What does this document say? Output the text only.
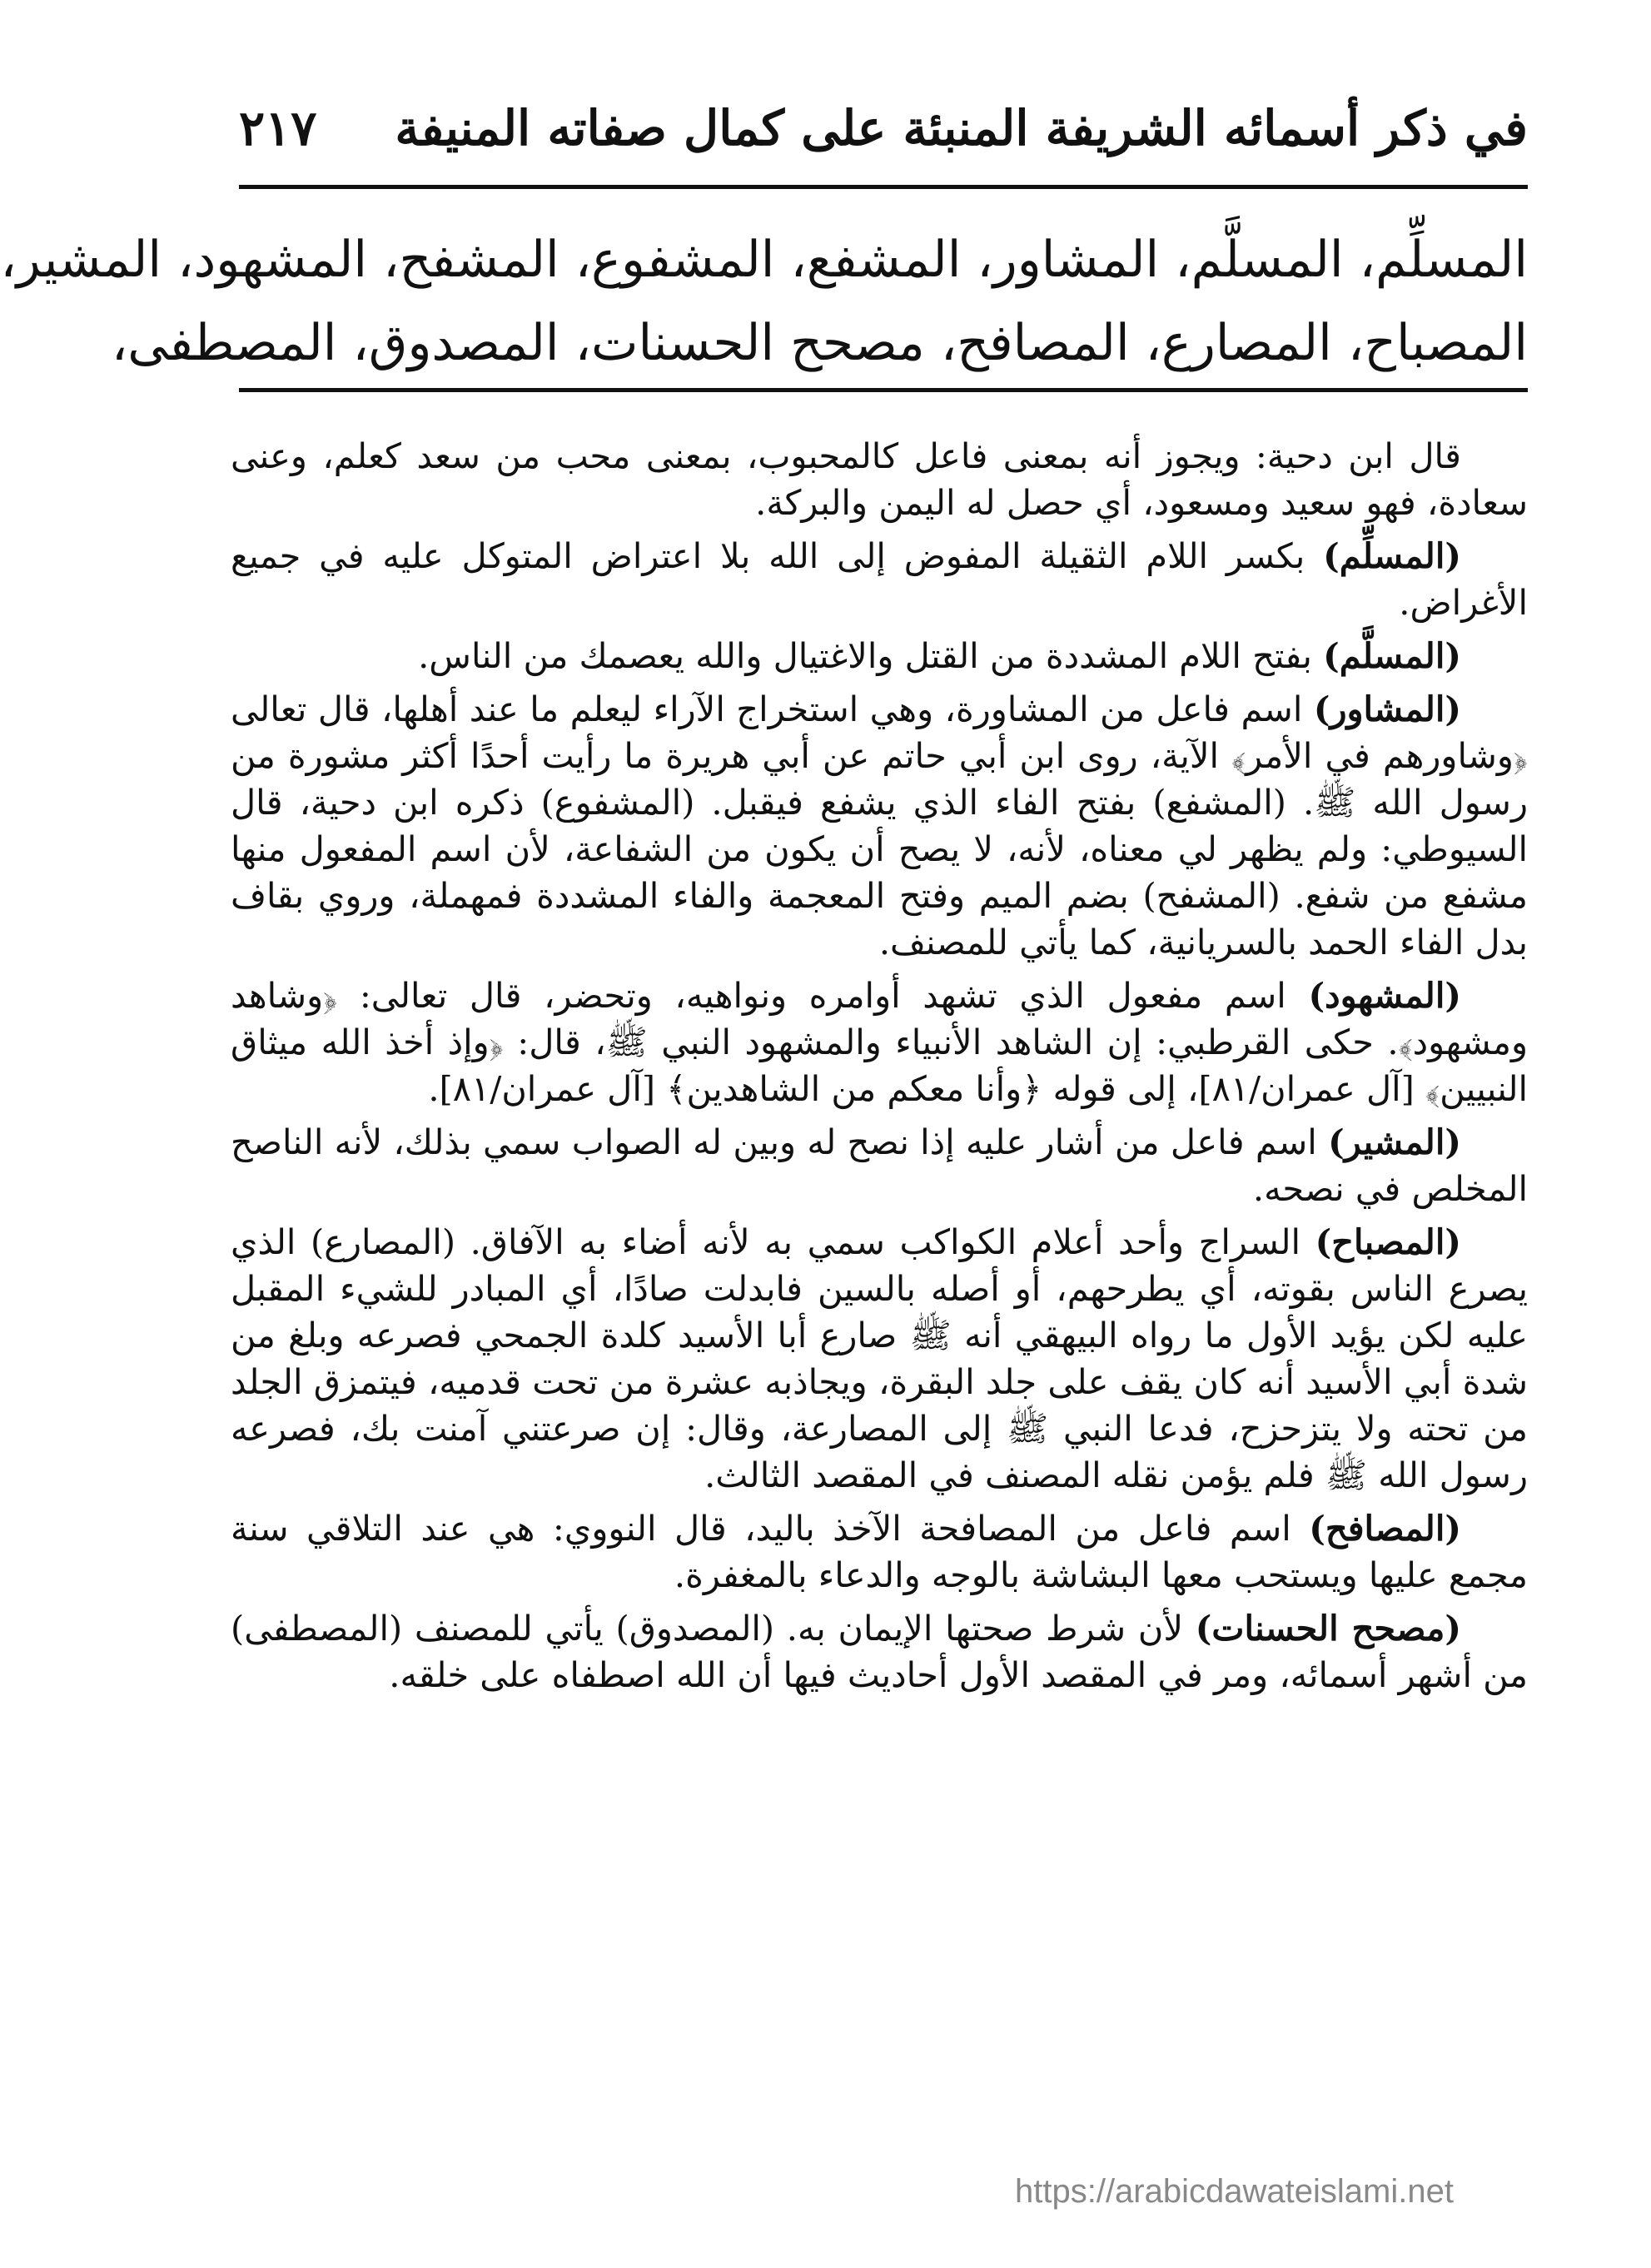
في ذكر أسمائه الشريفة المنبئة على كمال صفاته المنيفة
٢١٧
المسلِّم، المسلَّم، المشاور، المشفع، المشفوع، المشفح، المشهود، المشير،
المصباح، المصارع، المصافح، مصحح الحسنات، المصدوق، المصطفى،

قال ابن دحية: ويجوز أنه بمعنى فاعل كالمحبوب، بمعنى محب من سعد كعلم، وعنى سعادة، فهو سعيد ومسعود، أي حصل له اليمن والبركة.

(المسلِّم) بكسر اللام الثقيلة المفوض إلى الله بلا اعتراض المتوكل عليه في جميع الأغراض.

(المسلَّم) بفتح اللام المشددة من القتل والاغتيال والله يعصمك من الناس.

(المشاور) اسم فاعل من المشاورة، وهي استخراج الآراء ليعلم ما عند أهلها، قال تعالى ﴿وشاورهم في الأمر﴾ الآية، روى ابن أبي حاتم عن أبي هريرة ما رأيت أحدًا أكثر مشورة من رسول الله ﷺ. (المشفع) بفتح الفاء الذي يشفع فيقبل. (المشفوع) ذكره ابن دحية، قال السيوطي: ولم يظهر لي معناه، لأنه، لا يصح أن يكون من الشفاعة، لأن اسم المفعول منها مشفع من شفع. (المشفح) بضم الميم وفتح المعجمة والفاء المشددة فمهملة، وروي بقاف بدل الفاء الحمد بالسريانية، كما يأتي للمصنف.

(المشهود) اسم مفعول الذي تشهد أوامره ونواهيه، وتحضر، قال تعالى: ﴿وشاهد ومشهود﴾. حكى القرطبي: إن الشاهد الأنبياء والمشهود النبي ﷺ، قال: ﴿وإذ أخذ الله ميثاق النبيين﴾ [آل عمران/٨١]، إلى قوله ﴿وأنا معكم من الشاهدين﴾ [آل عمران/٨١].

(المشير) اسم فاعل من أشار عليه إذا نصح له وبين له الصواب سمي بذلك، لأنه الناصح المخلص في نصحه.

(المصباح) السراج وأحد أعلام الكواكب سمي به لأنه أضاء به الآفاق. (المصارع) الذي يصرع الناس بقوته، أي يطرحهم، أو أصله بالسين فابدلت صادًا، أي المبادر للشيء المقبل عليه لكن يؤيد الأول ما رواه البيهقي أنه ﷺ صارع أبا الأسيد كلدة الجمحي فصرعه وبلغ من شدة أبي الأسيد أنه كان يقف على جلد البقرة، ويجاذبه عشرة من تحت قدميه، فيتمزق الجلد من تحته ولا يتزحزح، فدعا النبي ﷺ إلى المصارعة، وقال: إن صرعتني آمنت بك، فصرعه رسول الله ﷺ فلم يؤمن نقله المصنف في المقصد الثالث.

(المصافح) اسم فاعل من المصافحة الآخذ باليد، قال النووي: هي عند التلاقي سنة مجمع عليها ويستحب معها البشاشة بالوجه والدعاء بالمغفرة.

(مصحح الحسنات) لأن شرط صحتها الإيمان به. (المصدوق) يأتي للمصنف (المصطفى) من أشهر أسمائه، ومر في المقصد الأول أحاديث فيها أن الله اصطفاه على خلقه.

https://arabicdawateislami.net
